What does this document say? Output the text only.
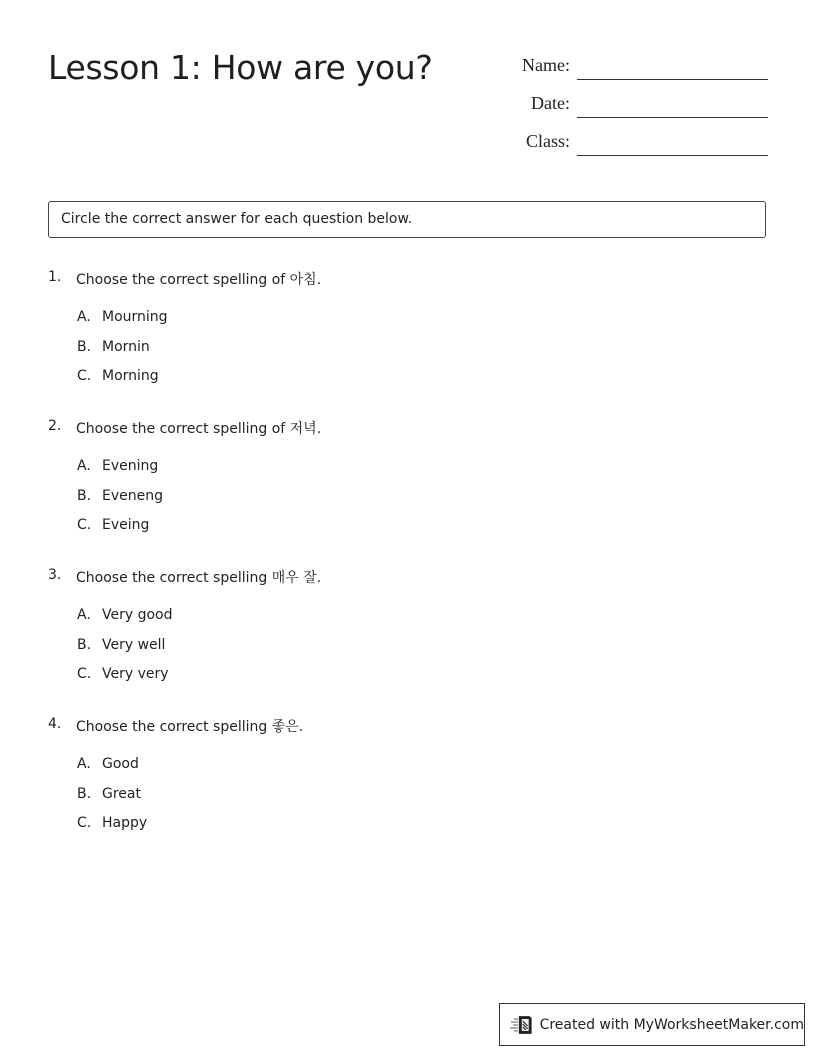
Lesson 1: How are you?	Name:
Date:
Class:
Circle the correct answer for each question below.
1. Choose the correct spelling of 아침.
A. Mourning
B. Mornin
C. Morning
2. Choose the correct spelling of 저녁.
A. Evening
B. Eveneng
C. Eveing
3. Choose the correct spelling 매우 잘.
A. Very good
B. Very well
C. Very very
4. Choose the correct spelling 좋은.
A. Good
B. Great
C. Happy
Created with MyWorksheetMaker.com
